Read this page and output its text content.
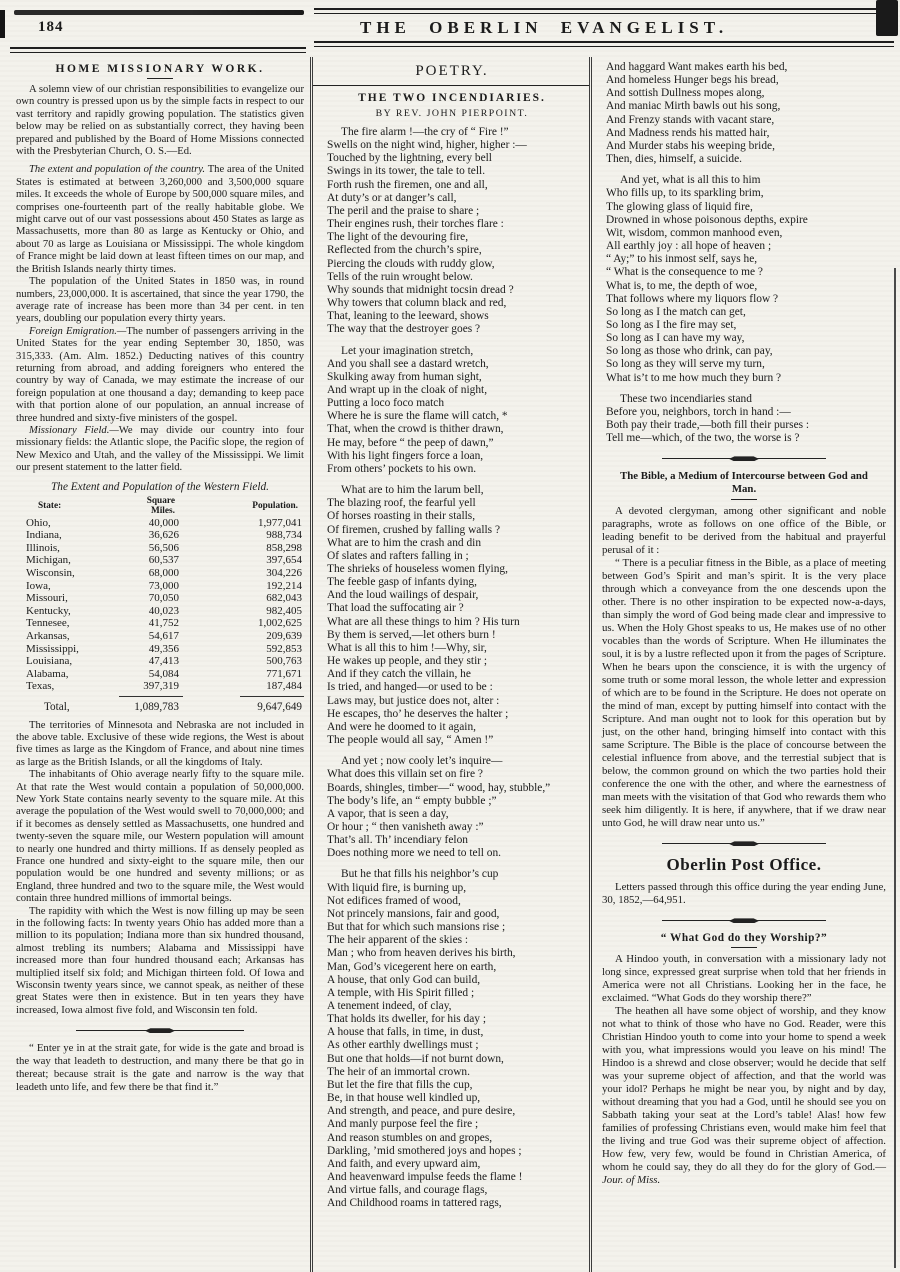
184	THE OBERLIN EVANGELIST.
HOME MISSIONARY WORK.

A solemn view of our christian responsibilities to evangelize our own country is pressed upon us by the simple facts in respect to our vast territory and rapidly growing population. The statistics given below may be relied on as substantially correct, they having been prepared and published by the Board of Home Missions connected with the Presbyterian Church, O. S.—Ed.

The extent and population of the country. The area of the United States is estimated at between 3,260,000 and 3,500,000 square miles. It exceeds the whole of Europe by 500,000 square miles, and comprises one-fourteenth part of the really habitable globe. We might carve out of our vast possessions about 450 States as large as Massachusetts, more than 80 as large as Kentucky or Ohio, and about 70 as large as Louisiana or Mississippi. The whole kingdom of France might be laid down at least fifteen times on our map, and the British Islands nearly thirty times.

The population of the United States in 1850 was, in round numbers, 23,000,000. It is ascertained, that since the year 1790, the average rate of increase has been more than 34 per cent. in ten years, doubling our population every thirty years.

Foreign Emigration.—The number of passengers arriving in the United States for the year ending September 30, 1850, was 315,333. (Am. Alm. 1852.) Deducting natives of this country returning from abroad, and adding foreigners who entered the country by way of Canada, we may estimate the increase of our foreign population at one thousand a day; demanding to keep pace with that portion alone of our population, an annual increase of three hundred and sixty-five ministers of the gospel.

Missionary Field.—We may divide our country into four missionary fields: the Atlantic slope, the Pacific slope, the region of New Mexico and Utah, and the valley of the Mississippi. We limit our present statement to the latter field.

The Extent and Population of the Western Field.
State:	Square Miles.	Population.
Ohio,	40,000	1,977,041
Indiana,	36,626	988,734
Illinois,	56,506	858,298
Michigan,	60,537	397,654
Wisconsin,	68,000	304,226
Iowa,	73,000	192,214
Missouri,	70,050	682,043
Kentucky,	40,023	982,405
Tennesee,	41,752	1,002,625
Arkansas,	54,617	209,639
Mississippi,	49,356	592,853
Louisiana,	47,413	500,763
Alabama,	54,084	771,671
Texas,	397,319	187,484
Total,	1,089,783	9,647,649

The territories of Minnesota and Nebraska are not included in the above table. Exclusive of these wide regions, the West is about five times as large as the Kingdom of France, and about nine times as large as the British Islands, or all the kingdoms of Italy.

The inhabitants of Ohio average nearly fifty to the square mile. At that rate the West would contain a population of 50,000,000. New York State contains nearly seventy to the square mile. At this average the population of the West would swell to 70,000,000; and if it becomes as densely settled as Massachusetts, one hundred and twenty-seven the square mile, our Western population will amount to nearly one hundred and thirty millions. If as densely peopled as France one hundred and sixty-eight to the square mile, then our population would be one hundred and seventy millions; or as England, three hundred and two to the square mile, the West would contain three hundred millions of immortal beings.

The rapidity with which the West is now filling up may be seen in the following facts: In twenty years Ohio has added more than a million to its population; Indiana more than six hundred thousand, almost trebling its numbers; Alabama and Mississippi have increased more than four hundred thousand each; Arkansas has multiplied itself six fold; and Michigan thirteen fold. Of Iowa and Wisconsin twenty years since, we cannot speak, as neither of these great States were then in existence. But in ten years they have increased, Iowa almost five fold, and Wisconsin ten fold.

“ Enter ye in at the strait gate, for wide is the gate and broad is the way that leadeth to destruction, and many there be that go in thereat; because strait is the gate and narrow is the way that leadeth unto life, and few there be that find it.”

POETRY.
THE TWO INCENDIARIES.
BY REV. JOHN PIERPOINT.
The fire alarm !—the cry of “ Fire !”
Swells on the night wind, higher, higher :—
Touched by the lightning, every bell
Swings in its tower, the tale to tell.
Forth rush the firemen, one and all,
At duty’s or at danger’s call,
The peril and the praise to share ;
Their engines rush, their torches flare :
The light of the devouring fire,
Reflected from the church’s spire,
Piercing the clouds with ruddy glow,
Tells of the ruin wrought below.
Why sounds that midnight tocsin dread ?
Why towers that column black and red,
That, leaning to the leeward, shows
The way that the destroyer goes ?
Let your imagination stretch,
And you shall see a dastard wretch,
Skulking away from human sight,
And wrapt up in the cloak of night,
Putting a loco foco match
Where he is sure the flame will catch, *
That, when the crowd is thither drawn,
He may, before “ the peep of dawn,”
With his light fingers force a loan,
From others’ pockets to his own.
What are to him the larum bell,
The blazing roof, the fearful yell
Of horses roasting in their stalls,
Of firemen, crushed by falling walls ?
What are to him the crash and din
Of slates and rafters falling in ;
The shrieks of houseless women flying,
The feeble gasp of infants dying,
And the loud wailings of despair,
That load the suffocating air ?
What are all these things to him ? His turn
By them is served,—let others burn !
What is all this to him !—Why, sir,
He wakes up people, and they stir ;
And if they catch the villain, he
Is tried, and hanged—or used to be :
Laws may, but justice does not, alter :
He escapes, tho’ he deserves the halter ;
And were he doomed to it again,
The people would all say, “ Amen !”
And yet ; now cooly let’s inquire—
What does this villain set on fire ?
Boards, shingles, timber—“ wood, hay, stubble,”
The body’s life, an “ empty bubble ;”
A vapor, that is seen a day,
Or hour ; “ then vanisheth away :”
That’s all. Th’ incendiary felon
Does nothing more we need to tell on.
But he that fills his neighbor’s cup
With liquid fire, is burning up,
Not edifices framed of wood,
Not princely mansions, fair and good,
But that for which such mansions rise ;
The heir apparent of the skies :
Man ; who from heaven derives his birth,
Man, God’s vicegerent here on earth,
A house, that only God can build,
A temple, with His Spirit filled ;
A tenement indeed, of clay,
That holds its dweller, for his day ;
A house that falls, in time, in dust,
As other earthly dwellings must ;
But one that holds—if not burnt down,
The heir of an immortal crown.
But let the fire that fills the cup,
Be, in that house well kindled up,
And strength, and peace, and pure desire,
And manly purpose feel the fire ;
And reason stumbles on and gropes,
Darkling, ’mid smothered joys and hopes ;
And faith, and every upward aim,
And heavenward impulse feeds the flame !
And virtue falls, and courage flags,
And Childhood roams in tattered rags,
And haggard Want makes earth his bed,
And homeless Hunger begs his bread,
And sottish Dullness mopes along,
And maniac Mirth bawls out his song,
And Frenzy stands with vacant stare,
And Madness rends his matted hair,
And Murder stabs his weeping bride,
Then, dies, himself, a suicide.
And yet, what is all this to him
Who fills up, to its sparkling brim,
The glowing glass of liquid fire,
Drowned in whose poisonous depths, expire
Wit, wisdom, common manhood even,
All earthly joy : all hope of heaven ;
“ Ay;” to his inmost self, says he,
“ What is the consequence to me ?
What is, to me, the depth of woe,
That follows where my liquors flow ?
So long as I the match can get,
So long as I the fire may set,
So long as I can have my way,
So long as those who drink, can pay,
So long as they will serve my turn,
What is’t to me how much they burn ?
These two incendiaries stand
Before you, neighbors, torch in hand :—
Both pay their trade,—both fill their purses :
Tell me—which, of the two, the worse is ?
The Bible, a Medium of Intercourse between God and Man.

A devoted clergyman, among other significant and noble paragraphs, wrote as follows on one office of the Bible, or leading benefit to be derived from the habitual and prayerful perusal of it :

“ There is a peculiar fitness in the Bible, as a place of meeting between God’s Spirit and man’s spirit. It is the very place through which a conveyance from the one descends upon the other. There is no other inspiration to be expected now-a-days, than simply the word of God being made clear and impressive to us. When the Holy Ghost speaks to us, He makes use of no other vocables than the words of Scripture. When He illuminates the soul, it is by a lustre reflected upon it from the pages of Scripture. When he bears upon the conscience, it is with the urgency of some truth or some moral lesson, the whole letter and expression of which are to be found in the Scripture. He does not operate on the mind of man, except by putting himself into contact with the Scripture. And man ought not to look for this operation but by just, on the other hand, bringing himself into contact with this same Scripture. The Bible is the place of concourse between the celestial influence from above, and the terrestial subject that is below, the common ground on which the two parties hold their conference the one with the other, and where the earnestness of man meets with the visitation of that God who rewards them who seek him diligently. It is here, if anywhere, that if we draw near unto God, he will draw near unto us.”

Oberlin Post Office.

Letters passed through this office during the year ending June, 30, 1852,—64,951.

“ What God do they Worship?”

A Hindoo youth, in conversation with a missionary lady not long since, expressed great surprise when told that her friends in America were not all Christians. Looking her in the face, he exclaimed. “What Gods do they worship there?”

The heathen all have some object of worship, and they know not what to think of those who have no God. Reader, were this Christian Hindoo youth to come into your home to spend a week with you, what impressions would you leave on his mind! The Hindoo is a shrewd and close observer; would he decide that self was your supreme object of affection, and that the world was your idol? Perhaps he might be near you, by night and by day, without dreaming that you had a God, until he should see you on Sabbath taking your seat at the Lord’s table! Alas! how few families of professing Christians even, would make him feel that the living and true God was their supreme object of affection. How few, very few, would be found in Christian America, of whom he could say, they do all they do for the glory of God.— Jour. of Miss.
